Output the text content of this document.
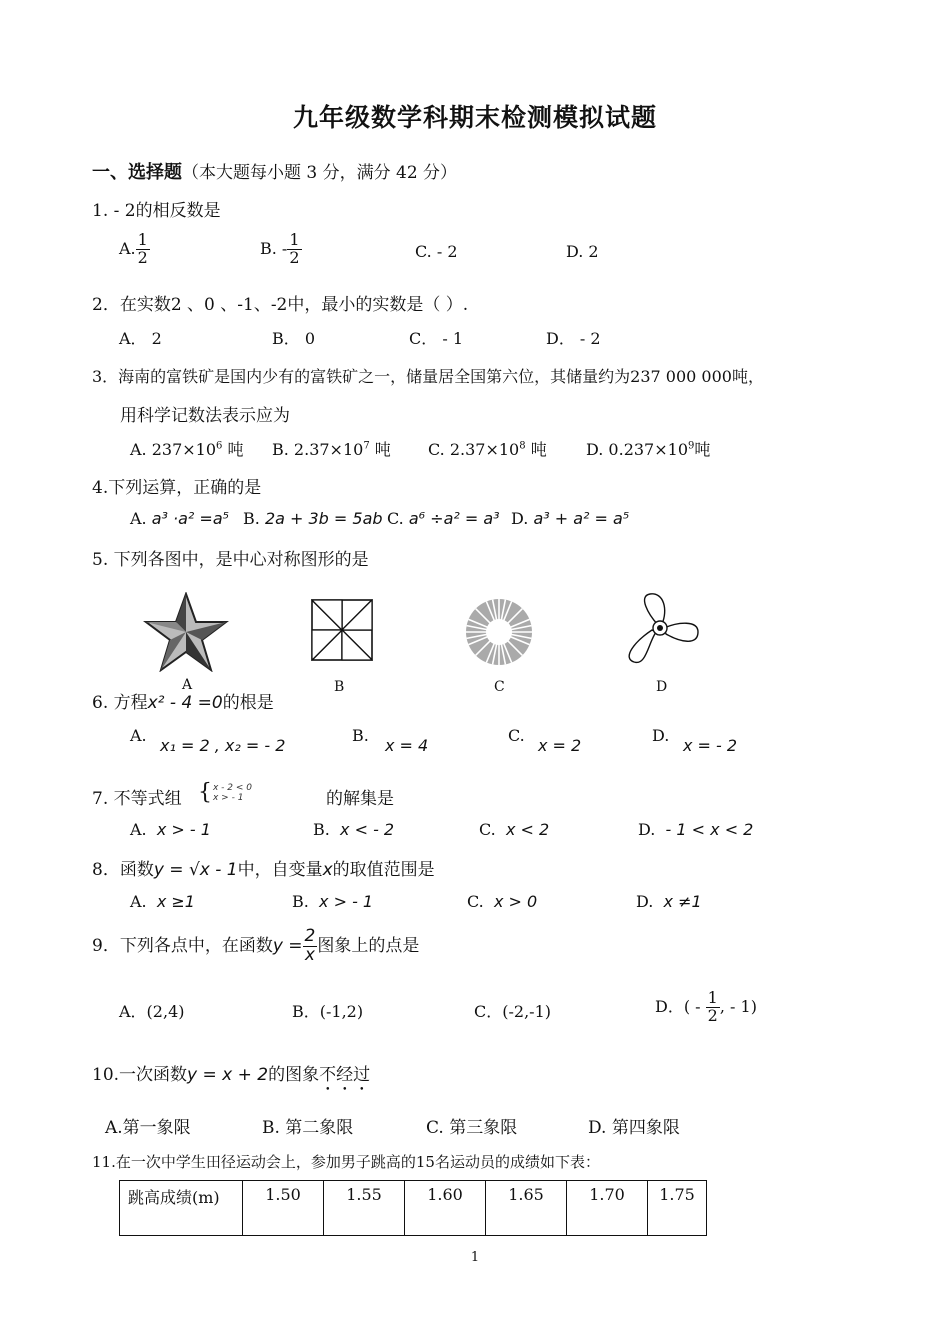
九年级数学科期末检测模拟试题
一、选择题（本大题每小题 3 分，满分 42 分）
1. - 2的相反数是
A. $\frac{1}{2}$	B. - $\frac{1}{2}$	C. - 2	D. 2
2．在实数2 、0 、-1、-2中，最小的实数是（ ）.
A． 2	B． 0	C． - 1	D． - 2
3．海南的富铁矿是国内少有的富铁矿之一，储量居全国第六位，其储量约为237 000 000吨，
用科学记数法表示应为
A. $237\times 10^6$ 吨 B. $2.37\times 10^7$ 吨 C. $2.37\times 10^8$ 吨 D. $0.237\times 10^9$吨
4.下列运算，正确的是
A. a³ ·a² =a⁵ B. 2a + 3b = 5ab C. a⁶ ÷a² = a³ D. a³ + a² = a⁵
5. 下列各图中，是中心对称图形的是
A	B	C	D
6. 方程x² - 4 =0的根是
A.
x₁ = 2 , x₂ = - 2
B.
x = 4
C.
x = 2
D.
x = - 2
7. 不等式组 { x - 2 < 0
x > - 1	的解集是
A. x > - 1	B. x < - 2	C. x < 2	D. - 1 < x < 2
8．函数y = √x - 1中，自变量x的取值范围是
A. x ≥1	B. x > - 1	C. x > 0	D. x ≠1
9．下列各点中，在函数$y = \frac{2}{x}$ 图象上的点是
A．(2,4)	B．(-1,2)	C．(-2,-1)	D．( - $\frac{1}{2}$ , - 1)
10.一次函数y = x + 2的图象不经过
A.第一象限	B. 第二象限	C. 第三象限	D. 第四象限
11.在一次中学生田径运动会上，参加男子跳高的15名运动员的成绩如下表：
跳高成绩(m)	1.50	1.55	1.60	1.65	1.70	1.75
1
